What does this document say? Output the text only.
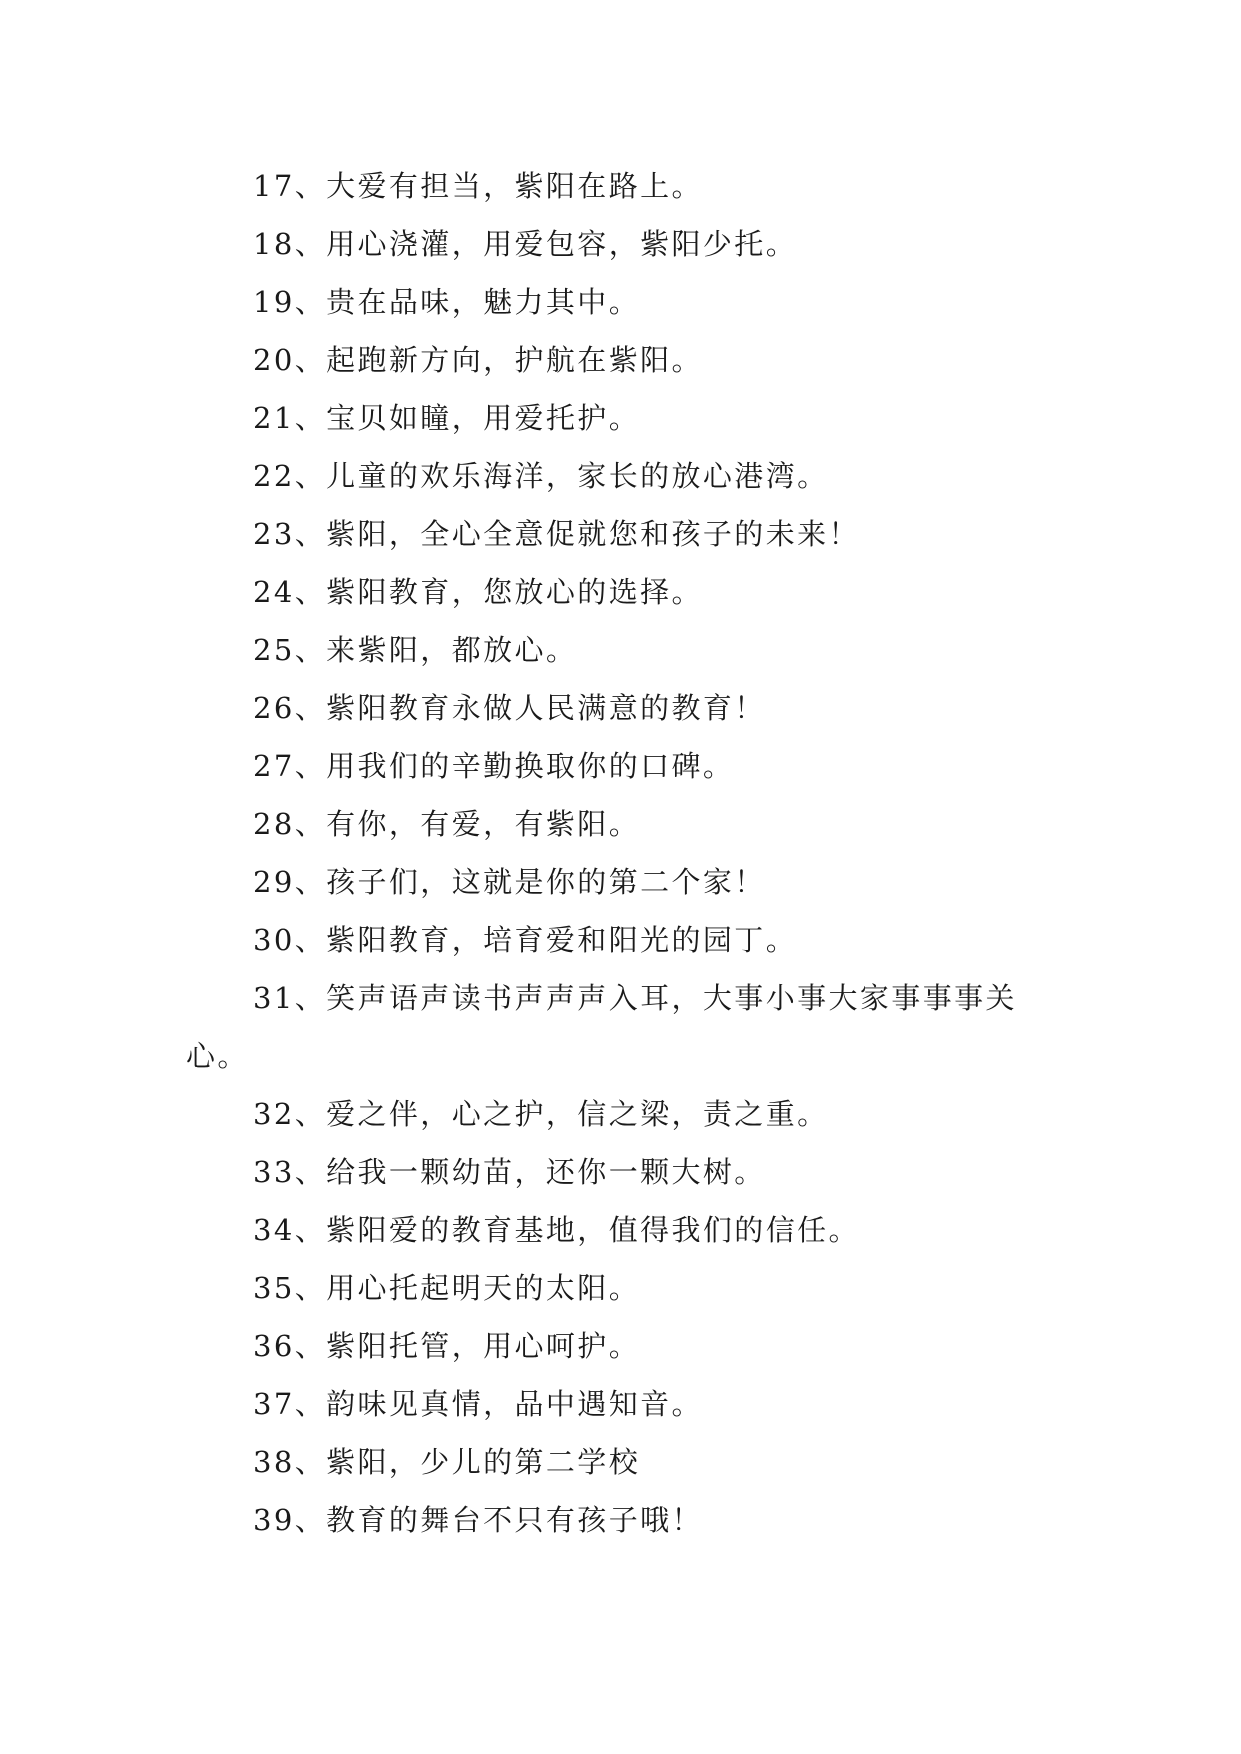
17、大爱有担当，紫阳在路上。
18、用心浇灌，用爱包容，紫阳少托。
19、贵在品味，魅力其中。
20、起跑新方向，护航在紫阳。
21、宝贝如瞳，用爱托护。
22、儿童的欢乐海洋，家长的放心港湾。
23、紫阳，全心全意促就您和孩子的未来！
24、紫阳教育，您放心的选择。
25、来紫阳，都放心。
26、紫阳教育永做人民满意的教育！
27、用我们的辛勤换取你的口碑。
28、有你，有爱，有紫阳。
29、孩子们，这就是你的第二个家！
30、紫阳教育，培育爱和阳光的园丁。
31、笑声语声读书声声声入耳，大事小事大家事事事关
心。
32、爱之伴，心之护，信之梁，责之重。
33、给我一颗幼苗，还你一颗大树。
34、紫阳爱的教育基地，值得我们的信任。
35、用心托起明天的太阳。
36、紫阳托管，用心呵护。
37、韵味见真情，品中遇知音。
38、紫阳，少儿的第二学校
39、教育的舞台不只有孩子哦！
